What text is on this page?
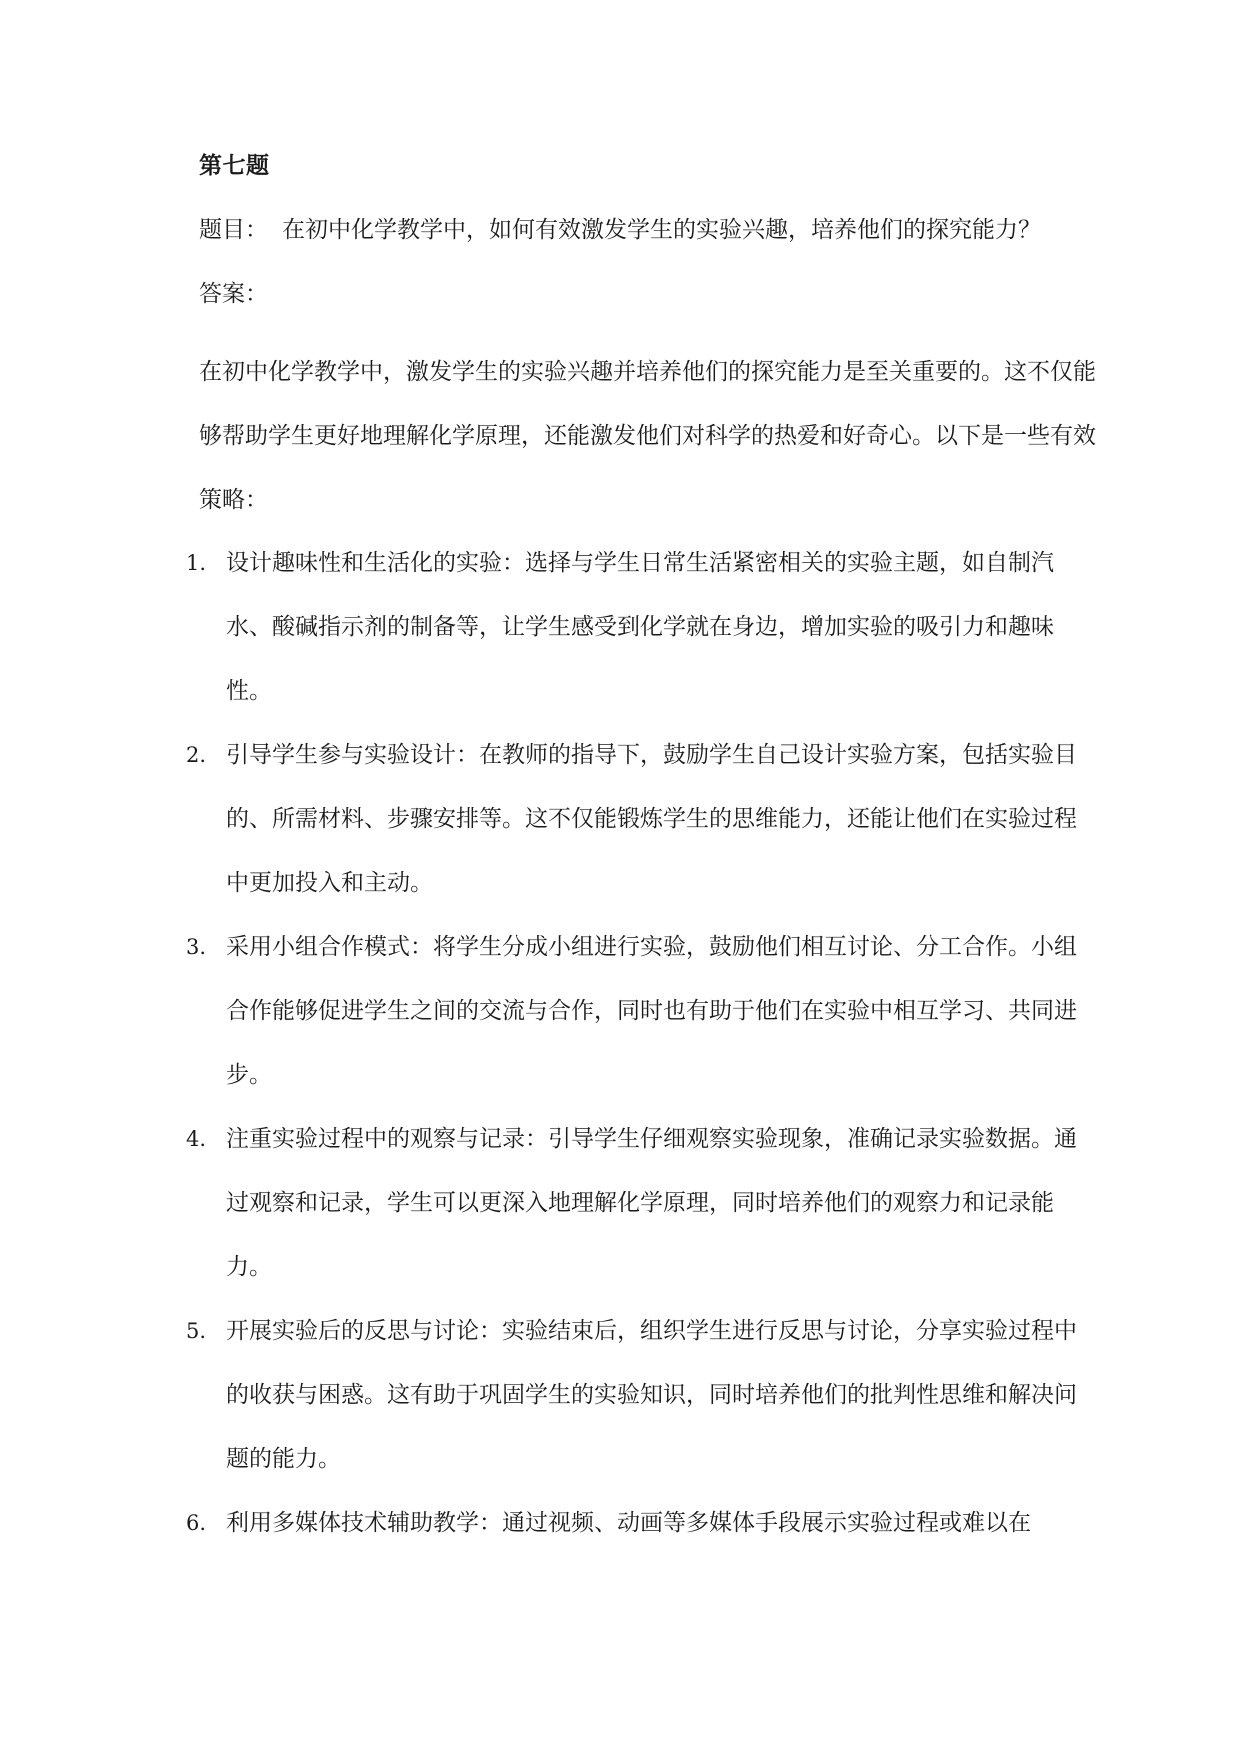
第七题
题目： 在初中化学教学中，如何有效激发学生的实验兴趣，培养他们的探究能力？
答案：

在初中化学教学中，激发学生的实验兴趣并培养他们的探究能力是至关重要的。这不仅能够帮助学生更好地理解化学原理，还能激发他们对科学的热爱和好奇心。以下是一些有效策略：

1. 设计趣味性和生活化的实验：选择与学生日常生活紧密相关的实验主题，如自制汽水、酸碱指示剂的制备等，让学生感受到化学就在身边，增加实验的吸引力和趣味性。
2. 引导学生参与实验设计：在教师的指导下，鼓励学生自己设计实验方案，包括实验目的、所需材料、步骤安排等。这不仅能锻炼学生的思维能力，还能让他们在实验过程中更加投入和主动。
3. 采用小组合作模式：将学生分成小组进行实验，鼓励他们相互讨论、分工合作。小组合作能够促进学生之间的交流与合作，同时也有助于他们在实验中相互学习、共同进步。
4. 注重实验过程中的观察与记录：引导学生仔细观察实验现象，准确记录实验数据。通过观察和记录，学生可以更深入地理解化学原理，同时培养他们的观察力和记录能力。
5. 开展实验后的反思与讨论：实验结束后，组织学生进行反思与讨论，分享实验过程中的收获与困惑。这有助于巩固学生的实验知识，同时培养他们的批判性思维和解决问题的能力。
6. 利用多媒体技术辅助教学：通过视频、动画等多媒体手段展示实验过程或难以在
